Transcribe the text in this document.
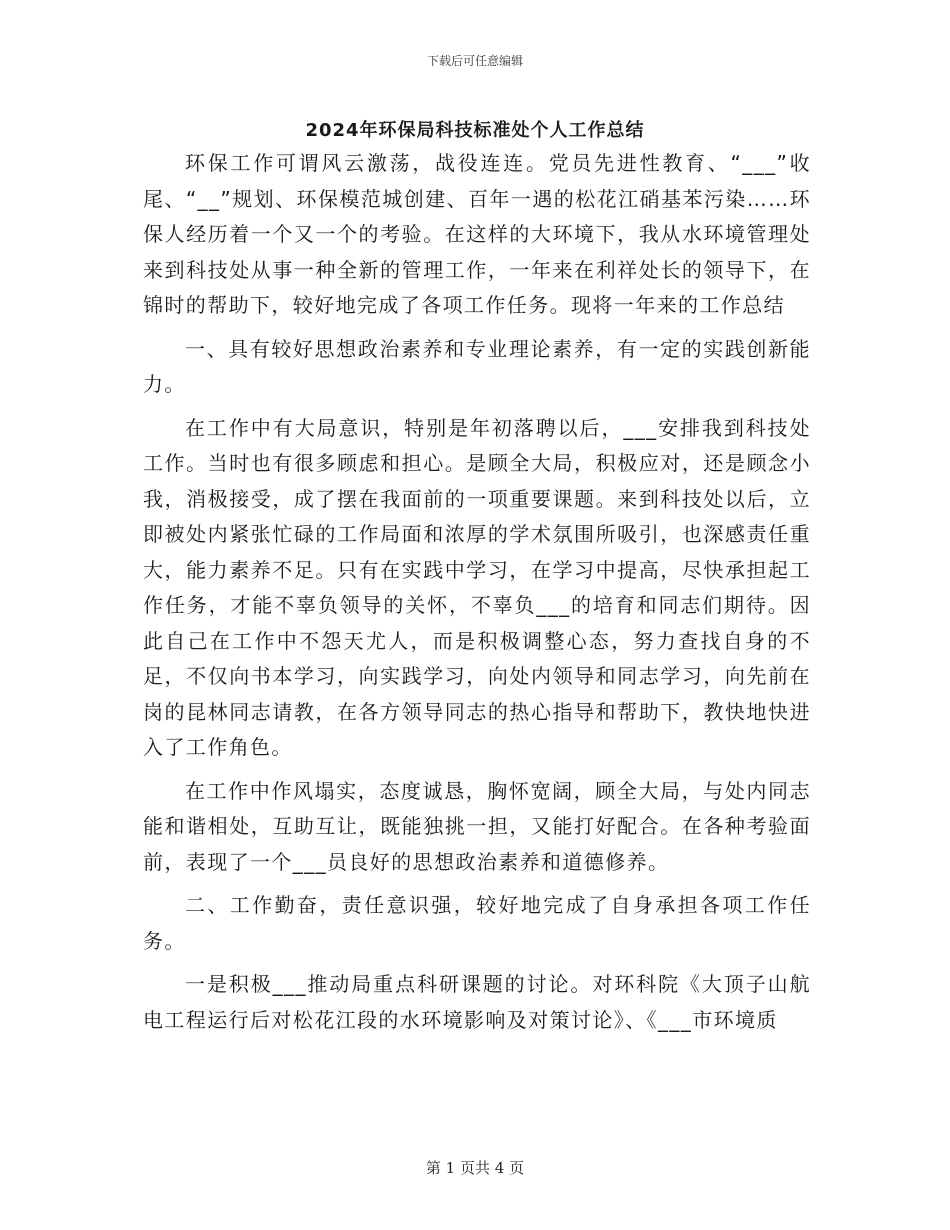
下载后可任意编辑
2024年环保局科技标准处个人工作总结

环保工作可谓风云激荡，战役连连。党员先进性教育、“___”收尾、“__”规划、环保模范城创建、百年一遇的松花江硝基苯污染……环保人经历着一个又一个的考验。在这样的大环境下，我从水环境管理处来到科技处从事一种全新的管理工作，一年来在利祥处长的领导下，在锦时的帮助下，较好地完成了各项工作任务。现将一年来的工作总结

一、具有较好思想政治素养和专业理论素养，有一定的实践创新能力。

在工作中有大局意识，特别是年初落聘以后，___安排我到科技处工作。当时也有很多顾虑和担心。是顾全大局，积极应对，还是顾念小我，消极接受，成了摆在我面前的一项重要课题。来到科技处以后，立即被处内紧张忙碌的工作局面和浓厚的学术氛围所吸引，也深感责任重大，能力素养不足。只有在实践中学习，在学习中提高，尽快承担起工作任务，才能不辜负领导的关怀，不辜负___的培育和同志们期待。因此自己在工作中不怨天尤人，而是积极调整心态，努力查找自身的不足，不仅向书本学习，向实践学习，向处内领导和同志学习，向先前在岗的昆林同志请教，在各方领导同志的热心指导和帮助下，教快地快进入了工作角色。

在工作中作风塌实，态度诚恳，胸怀宽阔，顾全大局，与处内同志能和谐相处，互助互让，既能独挑一担，又能打好配合。在各种考验面前，表现了一个___员良好的思想政治素养和道德修养。

二、工作勤奋，责任意识强，较好地完成了自身承担各项工作任务。

一是积极___推动局重点科研课题的讨论。对环科院《大顶子山航电工程运行后对松花江段的水环境影响及对策讨论》、《___市环境质

第 1 页共 4 页
